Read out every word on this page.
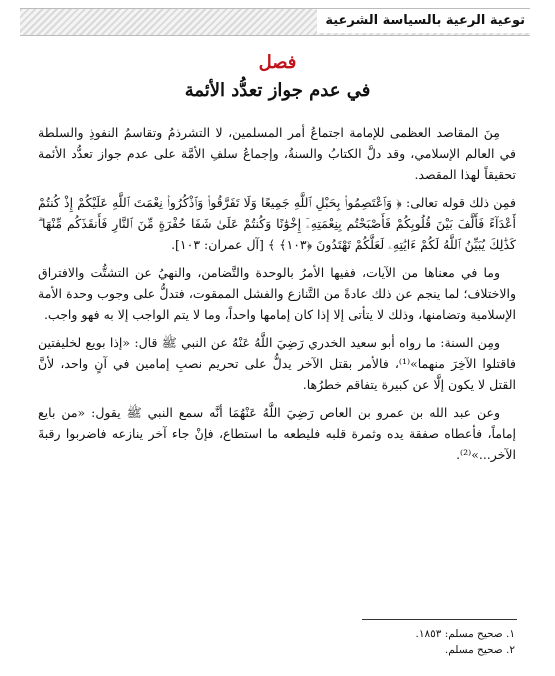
توعية الرعية بالسياسة الشرعية
فصل
في عدم جواز تعدُّد الأئمة

مِنَ المقاصد العظمى للإمامة اجتماعُ أمر المسلمين، لا التشرذمُ وتقاسمُ النفوذِ والسلطة في العالم الإسلامي، وقد دلَّ الكتابُ والسنةُ، وإجماعُ سلفِ الأمَّة على عدم جواز تعدُّد الأئمة تحقيقاً لهذا المقصد.

فمِن ذلك قوله تعالى: ﴿ وَٱعْتَصِمُوا۟ بِحَبْلِ ٱللَّهِ جَمِيعًا وَلَا تَفَرَّقُوا۟ وَٱذْكُرُوا۟ نِعْمَتَ ٱللَّهِ عَلَيْكُمْ إِذْ كُنتُمْ أَعْدَآءً فَأَلَّفَ بَيْنَ قُلُوبِكُمْ فَأَصْبَحْتُم بِنِعْمَتِهِۦٓ إِخْوَٰنًا وَكُنتُمْ عَلَىٰ شَفَا حُفْرَةٍ مِّنَ ٱلنَّارِ فَأَنقَذَكُم مِّنْهَا ۗ كَذَٰلِكَ يُبَيِّنُ ٱللَّهُ لَكُمْ ءَايَٰتِهِۦ لَعَلَّكُمْ تَهْتَدُونَ ﴿١٠٣﴾ ﴾ [آل عمران: ١٠٣].

وما في معناها من الآيات، ففيها الأمرُ بالوحدة والتَّضامن، والنهيُ عن التشتُّت والافتراق والاختلاف؛ لما ينجم عن ذلك عادةً من التَّنازع والفشل الممقوت، فتدلُّ على وجوب وحدة الأمة الإسلامية وتضامنها، وذلك لا يتأتى إلا إذا كان إمامها واحداً، وما لا يتم الواجب إلا به فهو واجب.

ومِن السنة: ما رواه أبو سعيد الخدري رَضِيَ اللَّهُ عَنْهُ عن النبي ﷺ قال: «إذا بويع لخليفتين فاقتلوا الآخِرَ منهما»⁽¹⁾، فالأمر بقتل الآخر يدلُّ على تحريم نصبِ إمامين في آنٍ واحد، لأنَّ القتل لا يكون إلَّا عن كبيرة يتفاقم خطرُها.

وعن عبد الله بن عمرو بن العاص رَضِيَ اللَّهُ عَنْهُمَا أنَّه سمع النبي ﷺ يقول: «من بايع إماماً، فأعطاه صفقة يده وثمرة قلبه فليطعه ما استطاع، فإنْ جاء آخر ينازعه فاضربوا رقبةَ الآخر...»⁽²⁾.

١. صحيح مسلم: ١٨٥٣.
٢. صحيح مسلم.
